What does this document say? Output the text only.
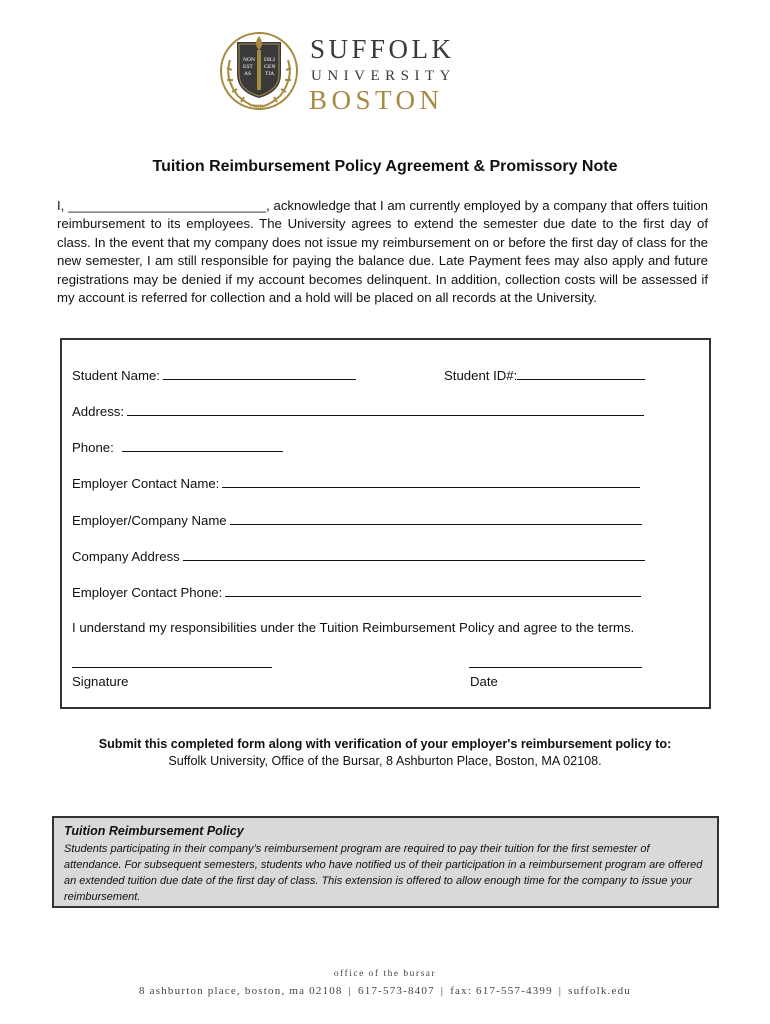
NON
EST
AS
DILI
GEN
TIA
1906
SUFFOLK
UNIVERSITY
BOSTON
Tuition Reimbursement Policy Agreement & Promissory Note
I, ___________________________, acknowledge that I am currently employed by a company that offers tuition reimbursement to its employees. The University agrees to extend the semester due date to the first day of class. In the event that my company does not issue my reimbursement on or before the first day of class for the new semester, I am still responsible for paying the balance due. Late Payment fees may also apply and future registrations may be denied if my account becomes delinquent. In addition, collection costs will be assessed if my account is referred for collection and a hold will be placed on all records at the University.
Student Name:	Student ID#:
Address:
Phone:
Employer Contact Name:
Employer/Company Name
Company Address
Employer Contact Phone:
I understand my responsibilities under the Tuition Reimbursement Policy and agree to the terms.
Signature	Date
Submit this completed form along with verification of your employer's reimbursement policy to:
Suffolk University, Office of the Bursar, 8 Ashburton Place, Boston, MA 02108.
Tuition Reimbursement Policy
Students participating in their company’s reimbursement program are required to pay their tuition for the first semester of attendance. For subsequent semesters, students who have notified us of their participation in a reimbursement program are offered an extended tuition due date of the first day of class. This extension is offered to allow enough time for the company to issue your reimbursement.
office of the bursar
8 ashburton place, boston, ma 02108 | 617-573-8407 | fax: 617-557-4399 | suffolk.edu
